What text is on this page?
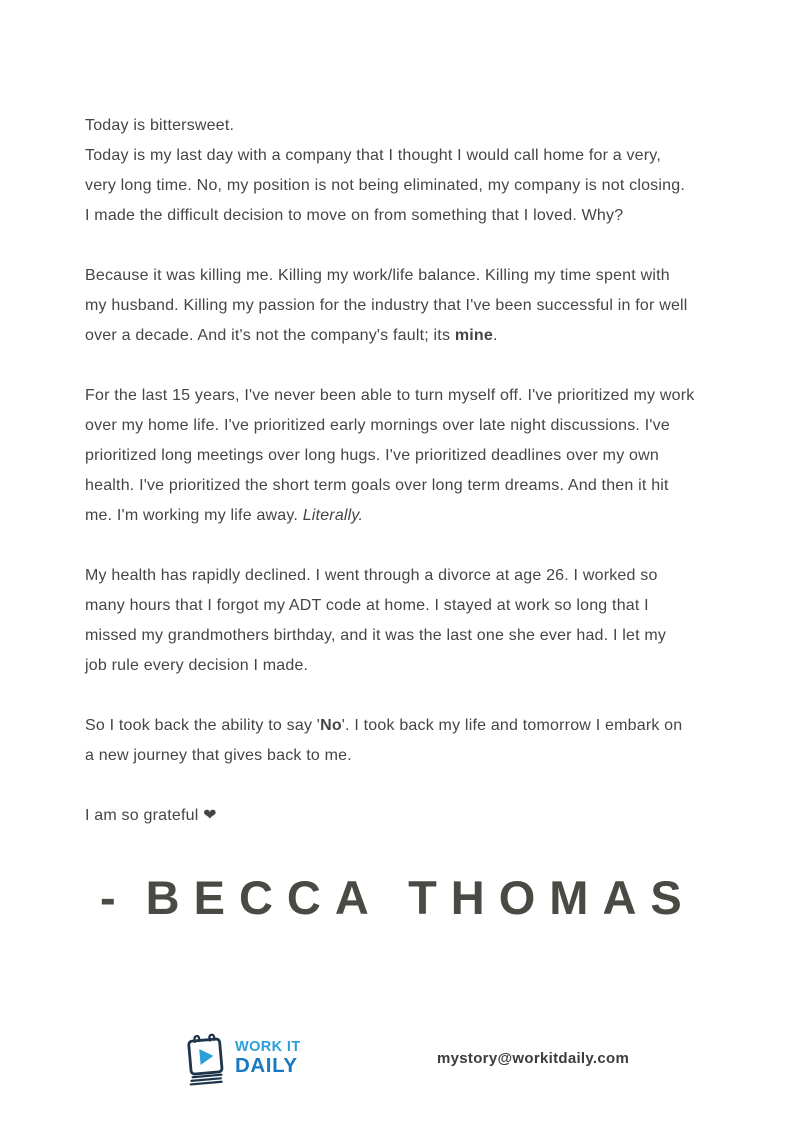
Today is bittersweet.
Today is my last day with a company that I thought I would call home for a very,
very long time. No, my position is not being eliminated, my company is not closing.
I made the difficult decision to move on from something that I loved. Why?
Because it was killing me. Killing my work/life balance. Killing my time spent with
my husband. Killing my passion for the industry that I've been successful in for well
over a decade. And it's not the company's fault; its mine.
For the last 15 years, I've never been able to turn myself off. I've prioritized my work
over my home life. I've prioritized early mornings over late night discussions. I've
prioritized long meetings over long hugs. I've prioritized deadlines over my own
health. I've prioritized the short term goals over long term dreams. And then it hit
me. I'm working my life away. Literally.
My health has rapidly declined. I went through a divorce at age 26. I worked so
many hours that I forgot my ADT code at home. I stayed at work so long that I
missed my grandmothers birthday, and it was the last one she ever had. I let my
job rule every decision I made.
So I took back the ability to say 'No'. I took back my life and tomorrow I embark on
a new journey that gives back to me.
I am so grateful ❤
- BECCA THOMAS
WORK IT
DAILY	mystory@workitdaily.com
